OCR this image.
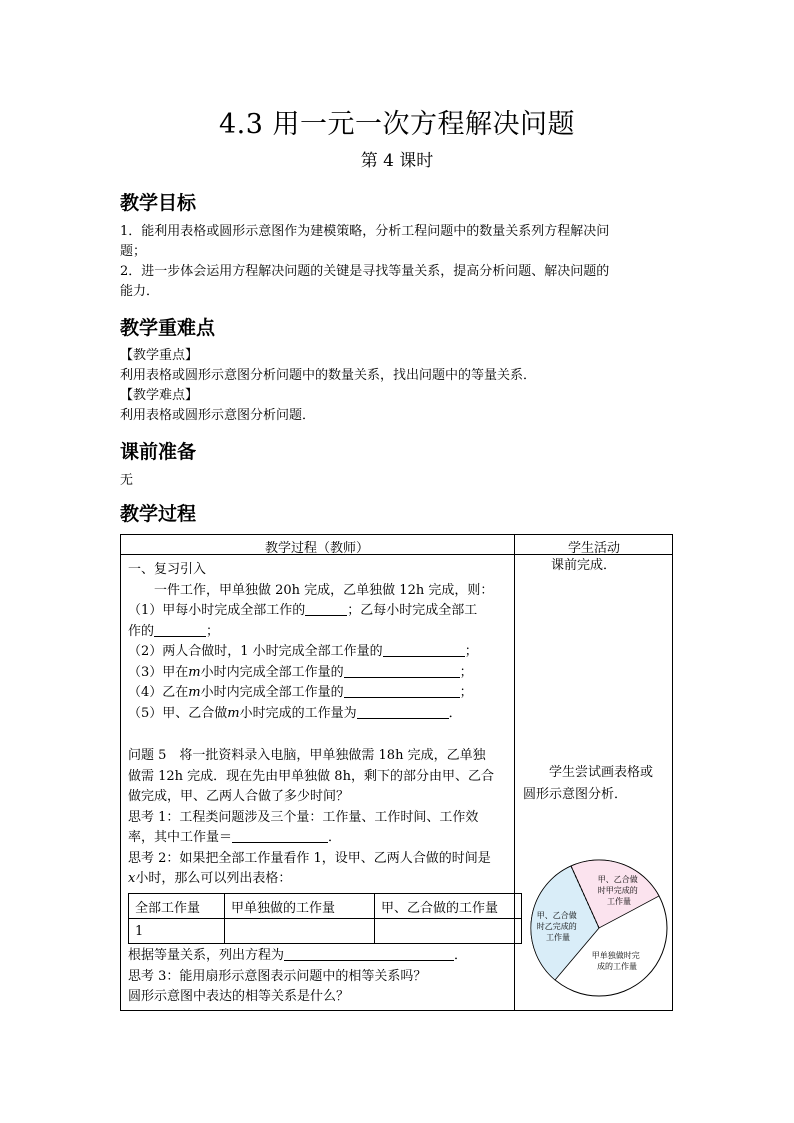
4.3 用一元一次方程解决问题
第 4 课时
教学目标
1．能利用表格或圆形示意图作为建模策略，分析工程问题中的数量关系列方程解决问
题；
2．进一步体会运用方程解决问题的关键是寻找等量关系，提高分析问题、解决问题的
能力．
教学重难点
【教学重点】
利用表格或圆形示意图分析问题中的数量关系，找出问题中的等量关系．
【教学难点】
利用表格或圆形示意图分析问题．
课前准备
无
教学过程
教学过程（教师）	学生活动
一、复习引入
一件工作，甲单独做 20h 完成，乙单独做 12h 完成，则：
（1）甲每小时完成全部工作的	；乙每小时完成全部工
作的	；
（2）两人合做时，1 小时完成全部工作量的	；
（3）甲在m小时内完成全部工作量的	；
（4）乙在m小时内完成全部工作量的	；
（5）甲、乙合做m小时完成的工作量为	．
问题 5　将一批资料录入电脑，甲单独做需 18h 完成，乙单独
做需 12h 完成．现在先由甲单独做 8h，剩下的部分由甲、乙合
做完成，甲、乙两人合做了多少时间？
思考 1：工程类问题涉及三个量：工作量、工作时间、工作效
率，其中工作量＝	．
思考 2：如果把全部工作量看作 1，设甲、乙两人合做的时间是
x小时，那么可以列出表格：
全部工作量	甲单独做的工作量	甲、乙合做的工作量
1		
根据等量关系，列出方程为	．
思考 3：能用扇形示意图表示问题中的相等关系吗？
圆形示意图中表达的相等关系是什么？
课前完成．
学生尝试画表格或
圆形示意图分析．
甲、乙合做 时甲完成的 工作量
甲、乙合做 时乙完成的 工作量
甲单独做时完 成的工作量
